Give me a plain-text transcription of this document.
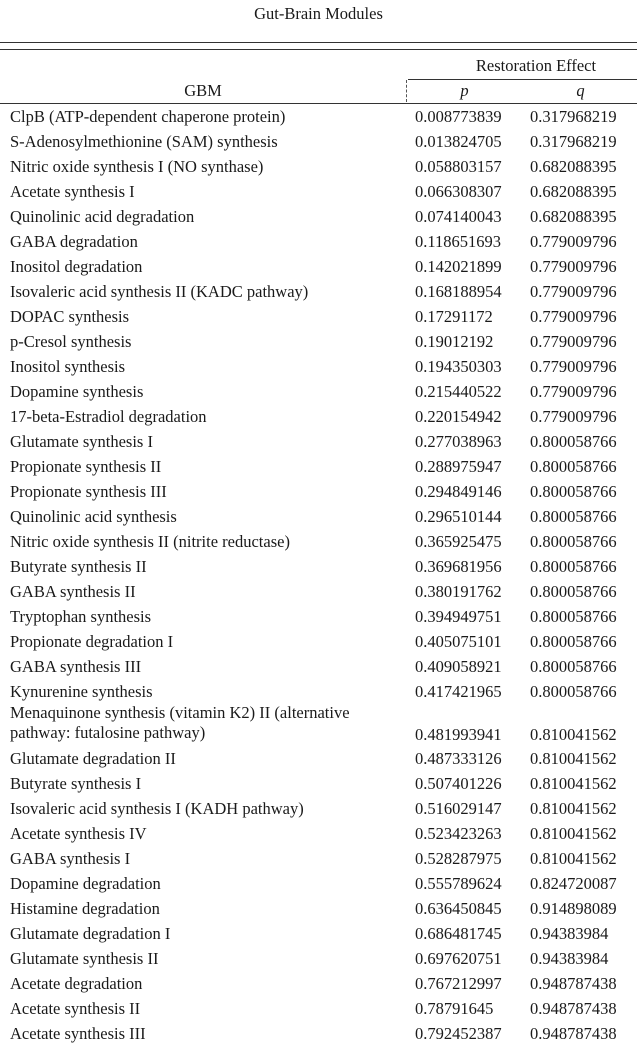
Gut-Brain Modules
Restoration Effect
GBM	p	q
ClpB (ATP-dependent chaperone protein)	0.008773839	0.317968219
S-Adenosylmethionine (SAM) synthesis	0.013824705	0.317968219
Nitric oxide synthesis I (NO synthase)	0.058803157	0.682088395
Acetate synthesis I	0.066308307	0.682088395
Quinolinic acid degradation	0.074140043	0.682088395
GABA degradation	0.118651693	0.779009796
Inositol degradation	0.142021899	0.779009796
Isovaleric acid synthesis II (KADC pathway)	0.168188954	0.779009796
DOPAC synthesis	0.17291172	0.779009796
p-Cresol synthesis	0.19012192	0.779009796
Inositol synthesis	0.194350303	0.779009796
Dopamine synthesis	0.215440522	0.779009796
17-beta-Estradiol degradation	0.220154942	0.779009796
Glutamate synthesis I	0.277038963	0.800058766
Propionate synthesis II	0.288975947	0.800058766
Propionate synthesis III	0.294849146	0.800058766
Quinolinic acid synthesis	0.296510144	0.800058766
Nitric oxide synthesis II (nitrite reductase)	0.365925475	0.800058766
Butyrate synthesis II	0.369681956	0.800058766
GABA synthesis II	0.380191762	0.800058766
Tryptophan synthesis	0.394949751	0.800058766
Propionate degradation I	0.405075101	0.800058766
GABA synthesis III	0.409058921	0.800058766
Kynurenine synthesis	0.417421965	0.800058766
Menaquinone synthesis (vitamin K2) II (alternative pathway: futalosine pathway)	0.481993941	0.810041562
Glutamate degradation II	0.487333126	0.810041562
Butyrate synthesis I	0.507401226	0.810041562
Isovaleric acid synthesis I (KADH pathway)	0.516029147	0.810041562
Acetate synthesis IV	0.523423263	0.810041562
GABA synthesis I	0.528287975	0.810041562
Dopamine degradation	0.555789624	0.824720087
Histamine degradation	0.636450845	0.914898089
Glutamate degradation I	0.686481745	0.94383984
Glutamate synthesis II	0.697620751	0.94383984
Acetate degradation	0.767212997	0.948787438
Acetate synthesis II	0.78791645	0.948787438
Acetate synthesis III	0.792452387	0.948787438
